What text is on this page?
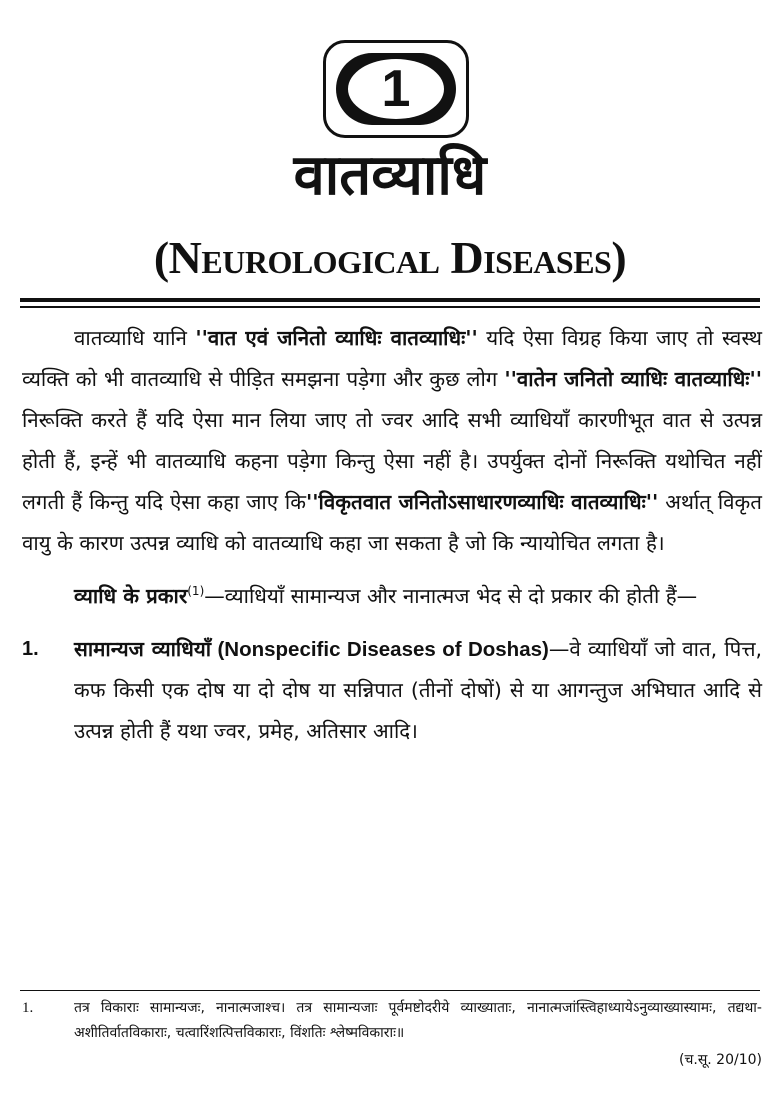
1
वातव्याधि
(Neurological Diseases)

वातव्याधि यानि ''वात एवं जनितो व्याधिः वातव्याधिः'' यदि ऐसा विग्रह किया जाए तो स्वस्थ व्यक्ति को भी वातव्याधि से पीड़ित समझना पड़ेगा और कुछ लोग ''वातेन जनितो व्याधिः वातव्याधिः'' निरूक्ति करते हैं यदि ऐसा मान लिया जाए तो ज्वर आदि सभी व्याधियाँ कारणीभूत वात से उत्पन्न होती हैं, इन्हें भी वातव्याधि कहना पड़ेगा किन्तु ऐसा नहीं है। उपर्युक्त दोनों निरूक्ति यथोचित नहीं लगती हैं किन्तु यदि ऐसा कहा जाए कि''विकृतवात जनितोऽसाधारणव्याधिः वातव्याधिः'' अर्थात् विकृत वायु के कारण उत्पन्न व्याधि को वातव्याधि कहा जा सकता है जो कि न्यायोचित लगता है।

व्याधि के प्रकार$^{(1)}$—व्याधियाँ सामान्यज और नानात्मज भेद से दो प्रकार की होती हैं—

1. सामान्यज व्याधियाँ (Nonspecific Diseases of Doshas)—वे व्याधियाँ जो वात, पित्त, कफ किसी एक दोष या दो दोष या सन्निपात (तीनों दोषों) से या आगन्तुज अभिघात आदि से उत्पन्न होती हैं यथा ज्वर, प्रमेह, अतिसार आदि।
1.	तत्र विकाराः सामान्यजः, नानात्मजाश्च। तत्र सामान्यजाः पूर्वमष्टोदरीये व्याख्याताः, नानात्मजांस्त्विहाध्यायेऽनुव्याख्यास्यामः, तद्यथा-अशीतिर्वातविकाराः, चत्वारिंशत्पित्तविकाराः, विंशतिः श्लेष्मविकाराः॥
(च.सू. 20/10)
